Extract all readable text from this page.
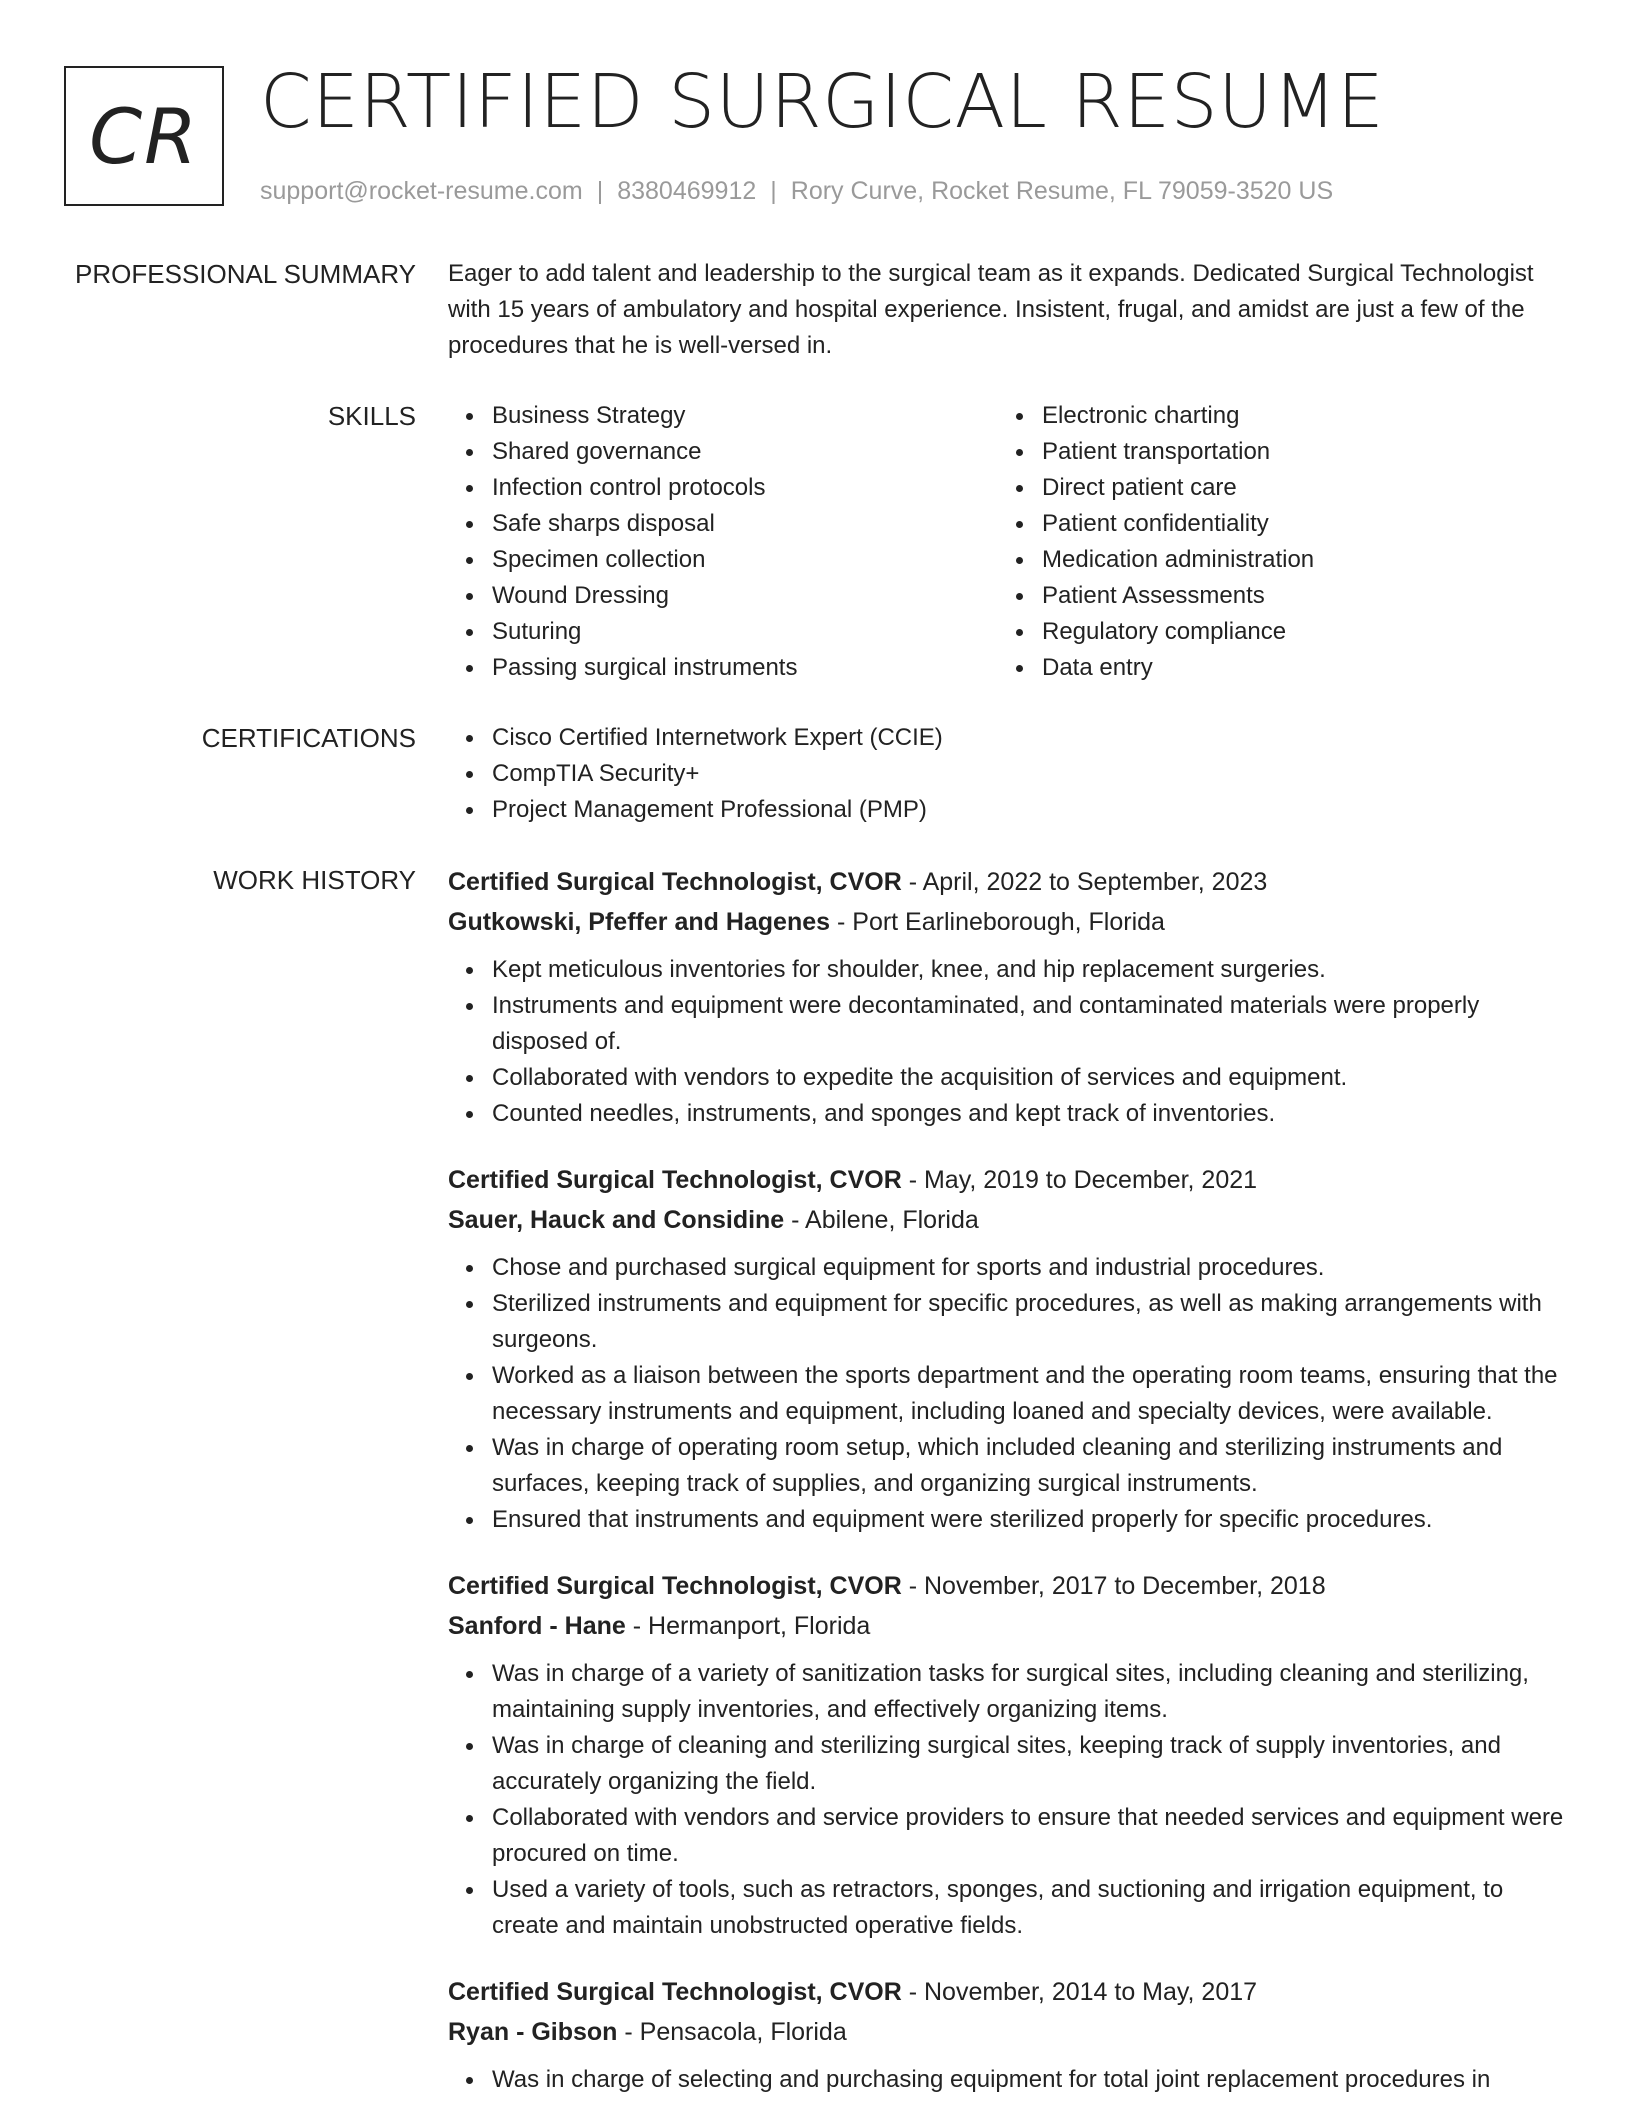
CR CERTIFIED SURGICAL RESUME
support@rocket-resume.com | 8380469912 | Rory Curve, Rocket Resume, FL 79059-3520 US
PROFESSIONAL SUMMARY Eager to add talent and leadership to the surgical team as it expands. Dedicated Surgical Technologist with 15 years of ambulatory and hospital experience. Insistent, frugal, and amidst are just a few of the procedures that he is well-versed in.

SKILLS	Business Strategy
Shared governance
Infection control protocols
Safe sharps disposal
Specimen collection
Wound Dressing
Suturing
Passing surgical instruments
Electronic charting
Patient transportation
Direct patient care
Patient confidentiality
Medication administration
Patient Assessments
Regulatory compliance
Data entry
CERTIFICATIONS	Cisco Certified Internetwork Expert (CCIE)
CompTIA Security+
Project Management Professional (PMP)
WORK HISTORY Certified Surgical Technologist, CVOR - April, 2022 to September, 2023
Gutkowski, Pfeffer and Hagenes - Port Earlineborough, Florida
Kept meticulous inventories for shoulder, knee, and hip replacement surgeries.
Instruments and equipment were decontaminated, and contaminated materials were properly disposed of.
Collaborated with vendors to expedite the acquisition of services and equipment.
Counted needles, instruments, and sponges and kept track of inventories.
Certified Surgical Technologist, CVOR - May, 2019 to December, 2021
Sauer, Hauck and Considine - Abilene, Florida
Chose and purchased surgical equipment for sports and industrial procedures.
Sterilized instruments and equipment for specific procedures, as well as making arrangements with surgeons.
Worked as a liaison between the sports department and the operating room teams, ensuring that the necessary instruments and equipment, including loaned and specialty devices, were available.
Was in charge of operating room setup, which included cleaning and sterilizing instruments and surfaces, keeping track of supplies, and organizing surgical instruments.
Ensured that instruments and equipment were sterilized properly for specific procedures.
Certified Surgical Technologist, CVOR - November, 2017 to December, 2018
Sanford - Hane - Hermanport, Florida
Was in charge of a variety of sanitization tasks for surgical sites, including cleaning and sterilizing, maintaining supply inventories, and effectively organizing items.
Was in charge of cleaning and sterilizing surgical sites, keeping track of supply inventories, and accurately organizing the field.
Collaborated with vendors and service providers to ensure that needed services and equipment were procured on time.
Used a variety of tools, such as retractors, sponges, and suctioning and irrigation equipment, to create and maintain unobstructed operative fields.
Certified Surgical Technologist, CVOR - November, 2014 to May, 2017
Ryan - Gibson - Pensacola, Florida
Was in charge of selecting and purchasing equipment for total joint replacement procedures in
